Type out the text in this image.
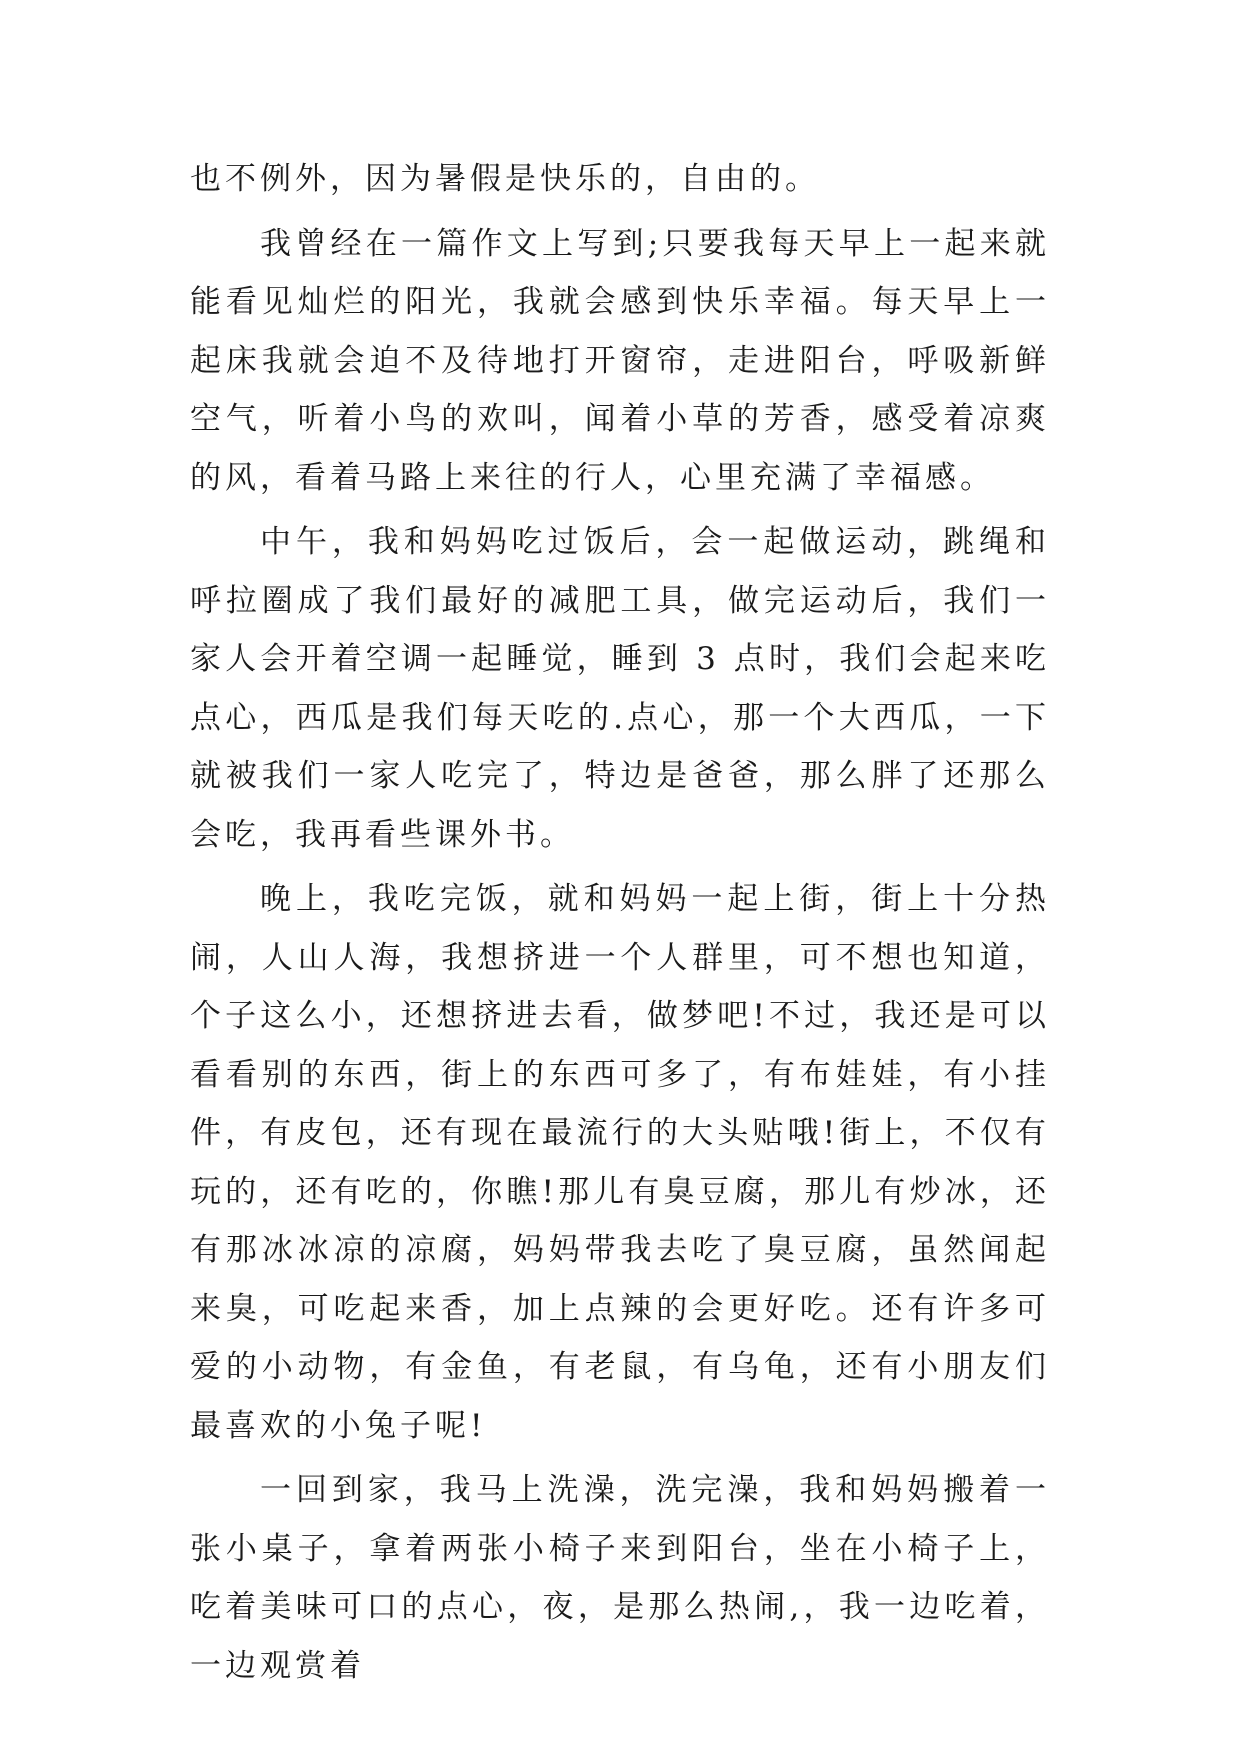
也不例外，因为暑假是快乐的，自由的。

我曾经在一篇作文上写到;只要我每天早上一起来就能看见灿烂的阳光，我就会感到快乐幸福。每天早上一起床我就会迫不及待地打开窗帘，走进阳台，呼吸新鲜空气，听着小鸟的欢叫，闻着小草的芳香，感受着凉爽的风，看着马路上来往的行人，心里充满了幸福感。

中午，我和妈妈吃过饭后，会一起做运动，跳绳和呼拉圈成了我们最好的减肥工具，做完运动后，我们一家人会开着空调一起睡觉，睡到 3 点时，我们会起来吃点心，西瓜是我们每天吃的.点心，那一个大西瓜，一下就被我们一家人吃完了，特边是爸爸，那么胖了还那么会吃，我再看些课外书。

晚上，我吃完饭，就和妈妈一起上街，街上十分热闹，人山人海，我想挤进一个人群里，可不想也知道，个子这么小，还想挤进去看，做梦吧!不过，我还是可以看看别的东西，街上的东西可多了，有布娃娃，有小挂件，有皮包，还有现在最流行的大头贴哦!街上，不仅有玩的，还有吃的，你瞧!那儿有臭豆腐，那儿有炒冰，还有那冰冰凉的凉腐，妈妈带我去吃了臭豆腐，虽然闻起来臭，可吃起来香，加上点辣的会更好吃。还有许多可爱的小动物，有金鱼，有老鼠，有乌龟，还有小朋友们最喜欢的小兔子呢!

一回到家，我马上洗澡，洗完澡，我和妈妈搬着一张小桌子，拿着两张小椅子来到阳台，坐在小椅子上，吃着美味可口的点心，夜，是那么热闹,，我一边吃着，一边观赏着
